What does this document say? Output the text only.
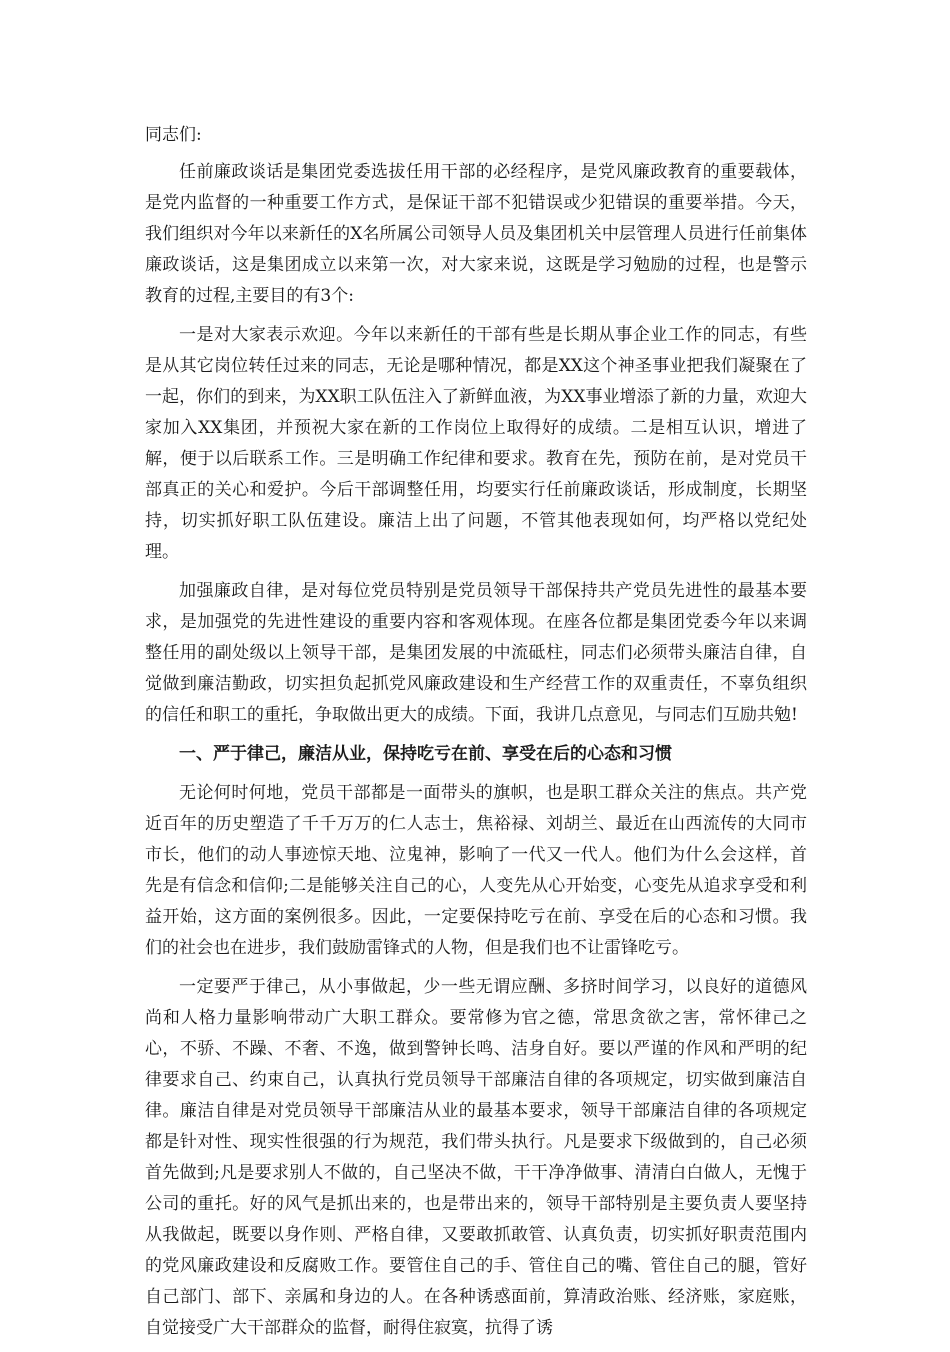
同志们:

任前廉政谈话是集团党委选拔任用干部的必经程序，是党风廉政教育的重要载体，是党内监督的一种重要工作方式，是保证干部不犯错误或少犯错误的重要举措。今天，我们组织对今年以来新任的X名所属公司领导人员及集团机关中层管理人员进行任前集体廉政谈话，这是集团成立以来第一次，对大家来说，这既是学习勉励的过程，也是警示教育的过程,主要目的有3个:

一是对大家表示欢迎。今年以来新任的干部有些是长期从事企业工作的同志，有些是从其它岗位转任过来的同志，无论是哪种情况，都是XX这个神圣事业把我们凝聚在了一起，你们的到来，为XX职工队伍注入了新鲜血液，为XX事业增添了新的力量，欢迎大家加入XX集团，并预祝大家在新的工作岗位上取得好的成绩。二是相互认识，增进了解，便于以后联系工作。三是明确工作纪律和要求。教育在先，预防在前，是对党员干部真正的关心和爱护。今后干部调整任用，均要实行任前廉政谈话，形成制度，长期坚持，切实抓好职工队伍建设。廉洁上出了问题，不管其他表现如何，均严格以党纪处理。

加强廉政自律，是对每位党员特别是党员领导干部保持共产党员先进性的最基本要求，是加强党的先进性建设的重要内容和客观体现。在座各位都是集团党委今年以来调整任用的副处级以上领导干部，是集团发展的中流砥柱，同志们必须带头廉洁自律，自觉做到廉洁勤政，切实担负起抓党风廉政建设和生产经营工作的双重责任，不辜负组织的信任和职工的重托，争取做出更大的成绩。下面，我讲几点意见，与同志们互励共勉!

一、严于律己，廉洁从业，保持吃亏在前、享受在后的心态和习惯

无论何时何地，党员干部都是一面带头的旗帜，也是职工群众关注的焦点。共产党近百年的历史塑造了千千万万的仁人志士，焦裕禄、刘胡兰、最近在山西流传的大同市市长，他们的动人事迹惊天地、泣鬼神，影响了一代又一代人。他们为什么会这样，首先是有信念和信仰;二是能够关注自己的心，人变先从心开始变，心变先从追求享受和利益开始，这方面的案例很多。因此，一定要保持吃亏在前、享受在后的心态和习惯。我们的社会也在进步，我们鼓励雷锋式的人物，但是我们也不让雷锋吃亏。

一定要严于律己，从小事做起，少一些无谓应酬、多挤时间学习，以良好的道德风尚和人格力量影响带动广大职工群众。要常修为官之德，常思贪欲之害，常怀律己之心，不骄、不躁、不奢、不逸，做到警钟长鸣、洁身自好。要以严谨的作风和严明的纪律要求自己、约束自己，认真执行党员领导干部廉洁自律的各项规定，切实做到廉洁自律。廉洁自律是对党员领导干部廉洁从业的最基本要求，领导干部廉洁自律的各项规定都是针对性、现实性很强的行为规范，我们带头执行。凡是要求下级做到的，自己必须首先做到;凡是要求别人不做的，自己坚决不做，干干净净做事、清清白白做人，无愧于公司的重托。好的风气是抓出来的，也是带出来的，领导干部特别是主要负责人要坚持从我做起，既要以身作则、严格自律，又要敢抓敢管、认真负责，切实抓好职责范围内的党风廉政建设和反腐败工作。要管住自己的手、管住自己的嘴、管住自己的腿，管好自己部门、部下、亲属和身边的人。在各种诱惑面前，算清政治账、经济账，家庭账，自觉接受广大干部群众的监督，耐得住寂寞，抗得了诱
